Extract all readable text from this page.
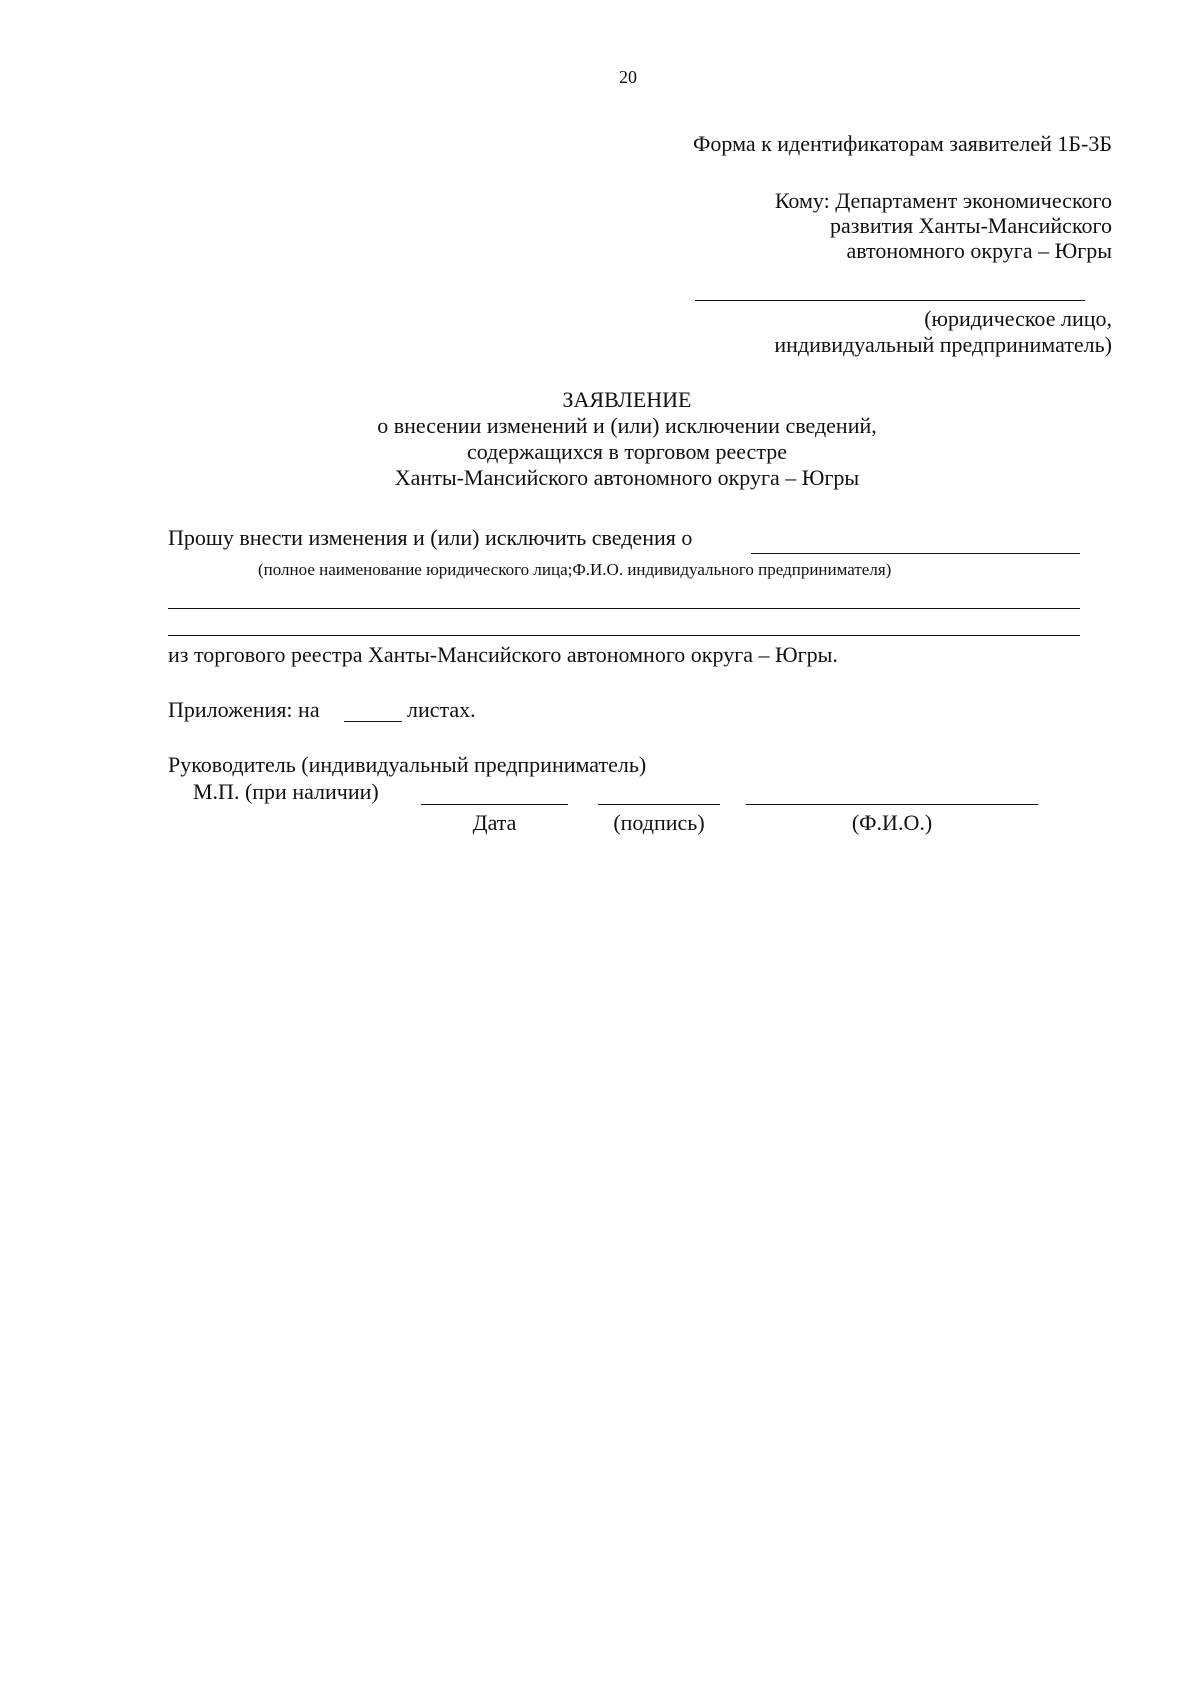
20
Форма к идентификаторам заявителей 1Б-3Б
Кому: Департамент экономического
развития Ханты-Мансийского
автономного округа – Югры
(юридическое лицо,
индивидуальный предприниматель)
ЗАЯВЛЕНИЕ
о внесении изменений и (или) исключении сведений,
содержащихся в торговом реестре
Ханты-Мансийского автономного округа – Югры
Прошу внести изменения и (или) исключить сведения о
(полное наименование юридического лица;Ф.И.О. индивидуального предпринимателя)
из торгового реестра Ханты-Мансийского автономного округа – Югры.
Приложения: на	листах.
Руководитель (индивидуальный предприниматель)
М.П. (при наличии)
Дата	(подпись)	(Ф.И.О.)
